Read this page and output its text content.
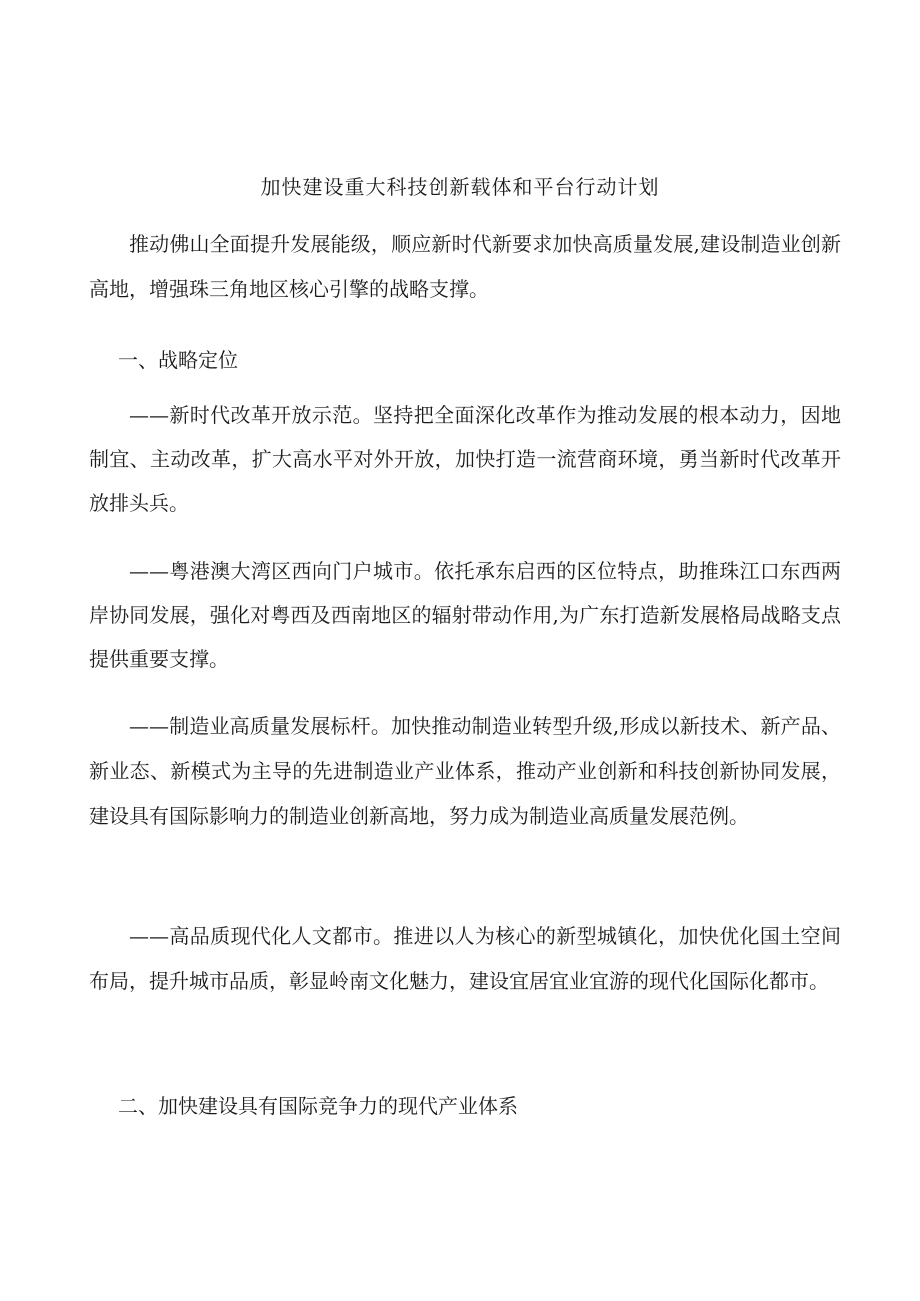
加快建设重大科技创新载体和平台行动计划
推动佛山全面提升发展能级，顺应新时代新要求加快高质量发展,建设制造业创新高地，增强珠三角地区核心引擎的战略支撑。
一、战略定位
——新时代改革开放示范。坚持把全面深化改革作为推动发展的根本动力，因地制宜、主动改革，扩大高水平对外开放，加快打造一流营商环境，勇当新时代改革开放排头兵。
——粤港澳大湾区西向门户城市。依托承东启西的区位特点，助推珠江口东西两岸协同发展，强化对粤西及西南地区的辐射带动作用,为广东打造新发展格局战略支点提供重要支撑。
——制造业高质量发展标杆。加快推动制造业转型升级,形成以新技术、新产品、新业态、新模式为主导的先进制造业产业体系，推动产业创新和科技创新协同发展，建设具有国际影响力的制造业创新高地，努力成为制造业高质量发展范例。
——高品质现代化人文都市。推进以人为核心的新型城镇化，加快优化国土空间布局，提升城市品质，彰显岭南文化魅力，建设宜居宜业宜游的现代化国际化都市。
二、加快建设具有国际竞争力的现代产业体系
